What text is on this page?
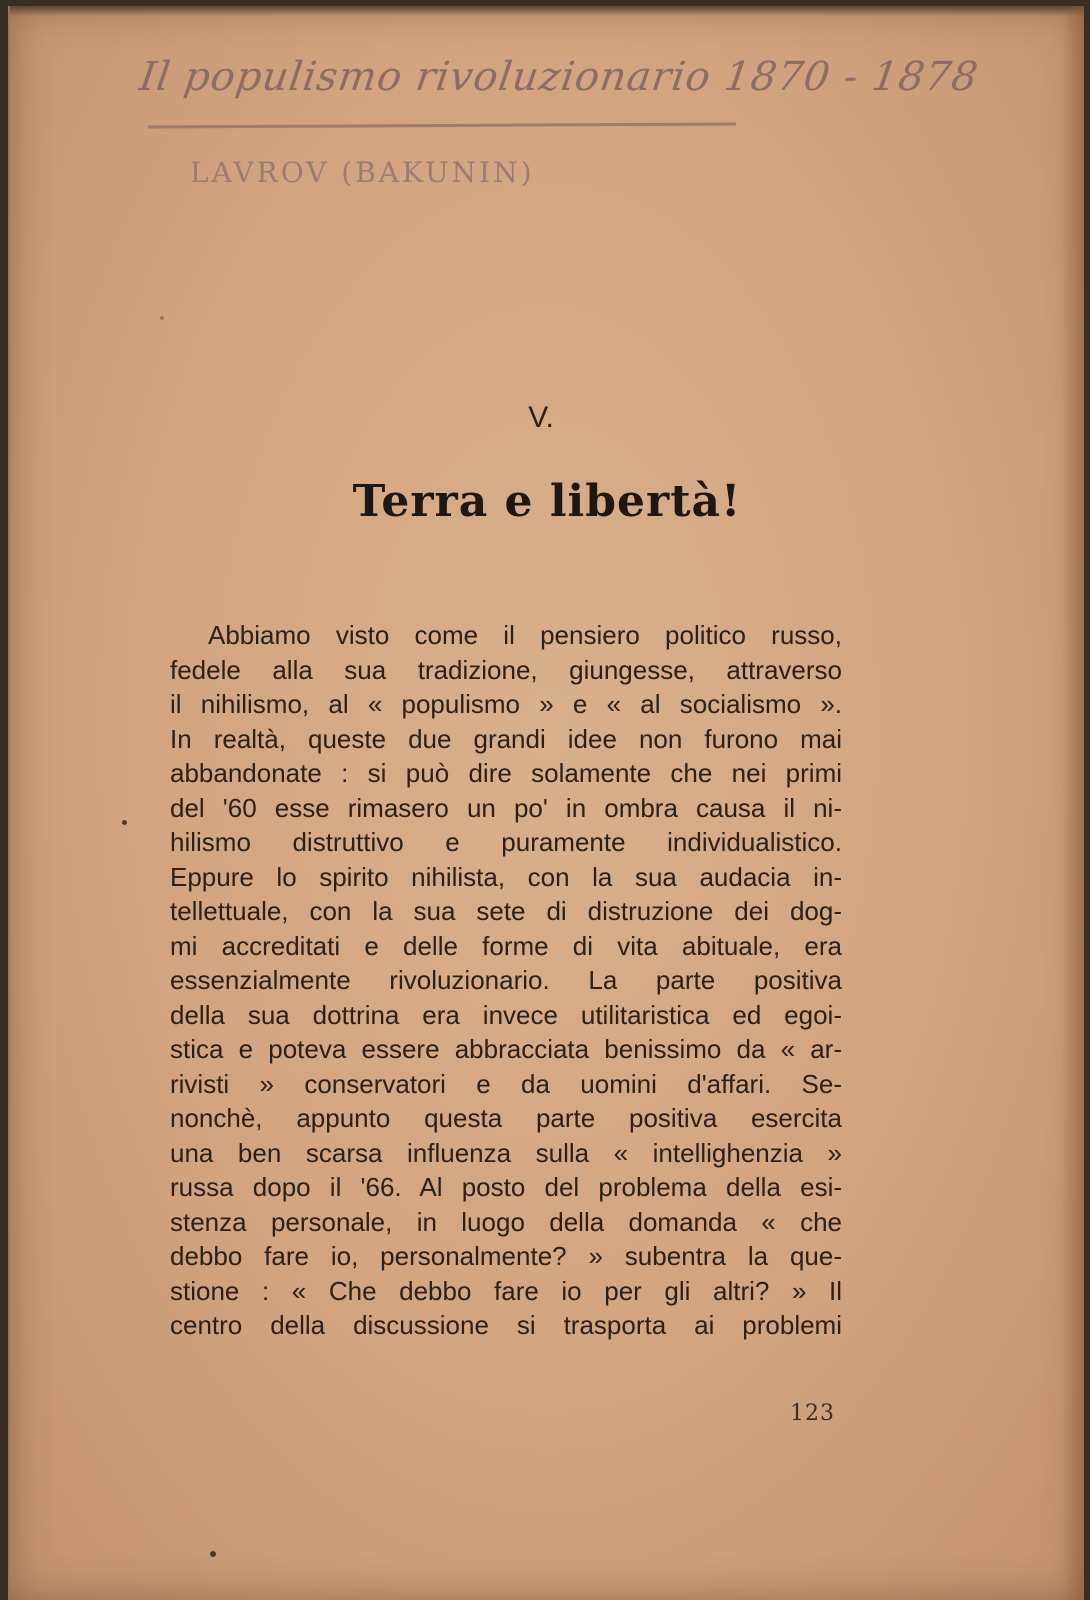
Il populismo rivoluzionario 1870 - 1878
LAVROV (BAKUNIN)
V.
Terra e libertà!
Abbiamo visto come il pensiero politico russo,
fedele alla sua tradizione, giungesse, attraverso
il nihilismo, al « populismo » e « al socialismo ».
In realtà, queste due grandi idee non furono mai
abbandonate : si può dire solamente che nei primi
del '60 esse rimasero un po' in ombra causa il ni-
hilismo distruttivo e puramente individualistico.
Eppure lo spirito nihilista, con la sua audacia in-
tellettuale, con la sua sete di distruzione dei dog-
mi accreditati e delle forme di vita abituale, era
essenzialmente rivoluzionario. La parte positiva
della sua dottrina era invece utilitaristica ed egoi-
stica e poteva essere abbracciata benissimo da « ar-
rivisti » conservatori e da uomini d'affari. Se-
nonchè, appunto questa parte positiva esercita
una ben scarsa influenza sulla « intellighenzia »
russa dopo il '66. Al posto del problema della esi-
stenza personale, in luogo della domanda « che
debbo fare io, personalmente? » subentra la que-
stione : « Che debbo fare io per gli altri? » Il
centro della discussione si trasporta ai problemi
123
